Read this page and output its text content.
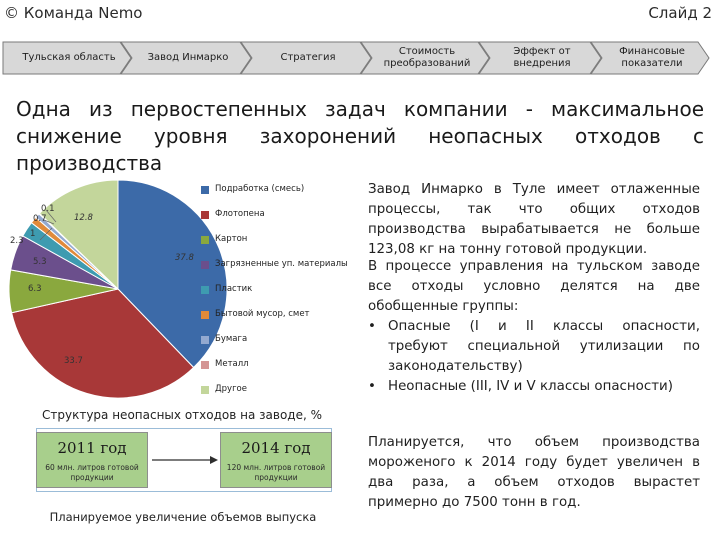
© Команда Nemo	Слайд 2
Тульская область	Завод Инмарко	Стратегия
Стоимость преобразований
Эффект от внедрения
Финансовые показатели
Одна из первостепенных задач компании - максимальное
снижение уровня захоронений неопасных отходов с производства
Подработка (смесь)
Флотопена
Картон
Загрязненные уп. материалы
Пластик
Бытовой мусор, смет
Бумага
Металл
Другое
37.8
33.7
6.3
5.3
2.3
1
0.7
0.1
12.8
Структура неопасных отходов на заводе, %
2011 год
60 млн. литров готовой продукции
2014 год
120 млн. литров готовой продукции
Планируемое увеличение объемов выпуска
Завод Инмарко в Туле имеет отлаженные
процессы, так что общих отходов
производства вырабатывается не больше
123,08 кг на тонну готовой продукции.
В процессе управления на тульском заводе
все отходы условно делятся на две
обобщенные группы:
• Опасные (I и II классы опасности,
требуют специальной утилизации по
законодательству)
• Неопасные (III, IV и V классы опасности)
Планируется, что объем производства
мороженого к 2014 году будет увеличен в
два раза, а объем отходов вырастет
примерно до 7500 тонн в год.
